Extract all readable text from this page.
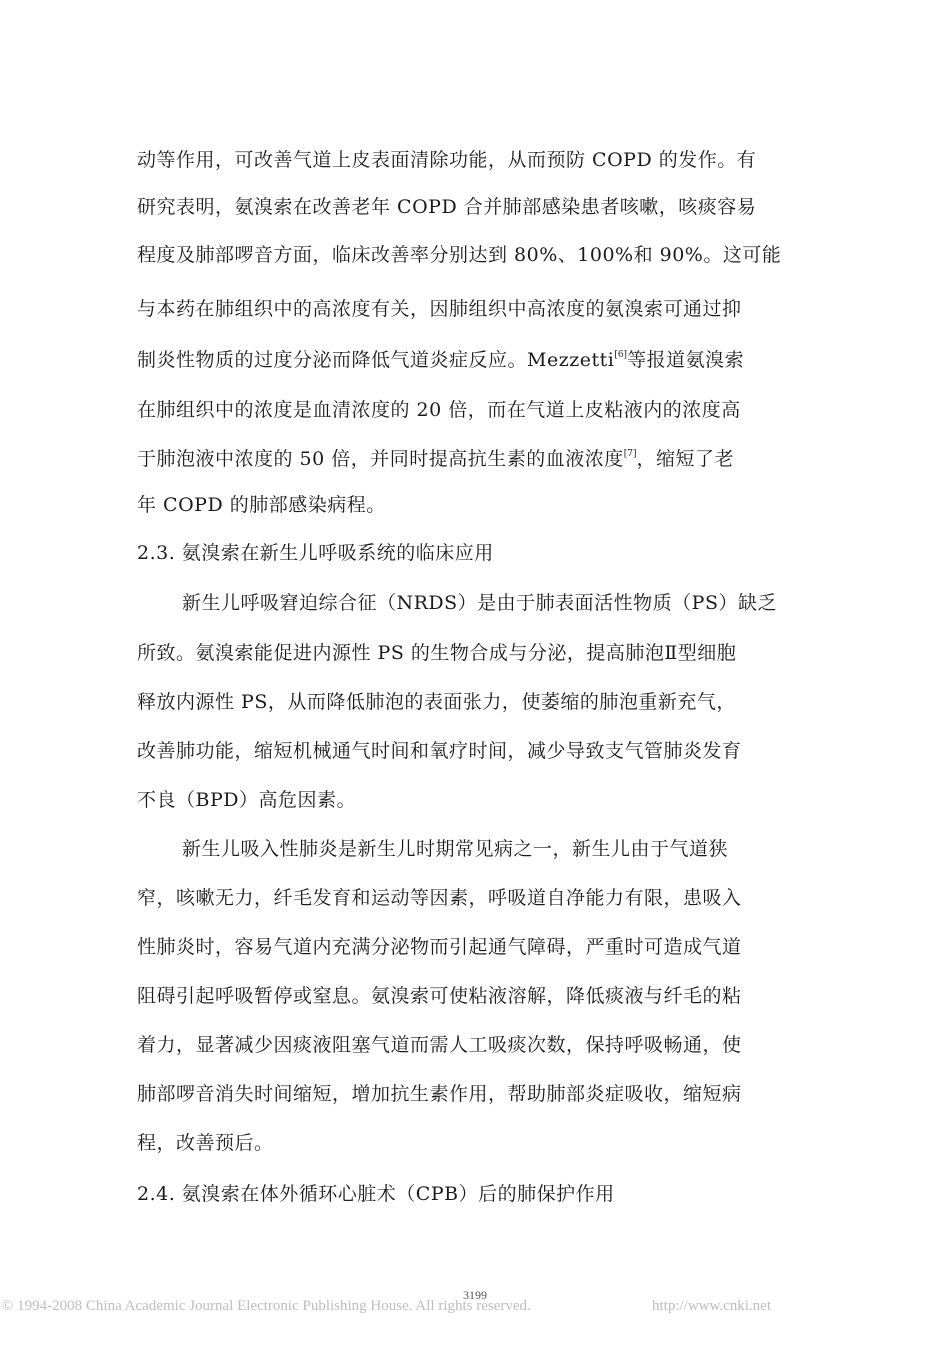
动等作用，可改善气道上皮表面清除功能，从而预防 COPD 的发作。有
研究表明，氨溴索在改善老年 COPD 合并肺部感染患者咳嗽，咳痰容易
程度及肺部啰音方面，临床改善率分别达到 80%、100%和 90%。这可能
与本药在肺组织中的高浓度有关，因肺组织中高浓度的氨溴索可通过抑
制炎性物质的过度分泌而降低气道炎症反应。Mezzetti[6]等报道氨溴索
在肺组织中的浓度是血清浓度的 20 倍，而在气道上皮粘液内的浓度高
于肺泡液中浓度的 50 倍，并同时提高抗生素的血液浓度[7]，缩短了老
年 COPD 的肺部感染病程。
2.3. 氨溴索在新生儿呼吸系统的临床应用
新生儿呼吸窘迫综合征（NRDS）是由于肺表面活性物质（PS）缺乏
所致。氨溴索能促进内源性 PS 的生物合成与分泌，提高肺泡Ⅱ型细胞
释放内源性 PS，从而降低肺泡的表面张力，使萎缩的肺泡重新充气，
改善肺功能，缩短机械通气时间和氧疗时间，减少导致支气管肺炎发育
不良（BPD）高危因素。
新生儿吸入性肺炎是新生儿时期常见病之一，新生儿由于气道狭
窄，咳嗽无力，纤毛发育和运动等因素，呼吸道自净能力有限，患吸入
性肺炎时，容易气道内充满分泌物而引起通气障碍，严重时可造成气道
阻碍引起呼吸暂停或窒息。氨溴索可使粘液溶解，降低痰液与纤毛的粘
着力，显著减少因痰液阻塞气道而需人工吸痰次数，保持呼吸畅通，使
肺部啰音消失时间缩短，增加抗生素作用，帮助肺部炎症吸收，缩短病
程，改善预后。
2.4. 氨溴索在体外循环心脏术（CPB）后的肺保护作用
3199
© 1994-2008 China Academic Journal Electronic Publishing House. All rights reserved.	http://www.cnki.net
